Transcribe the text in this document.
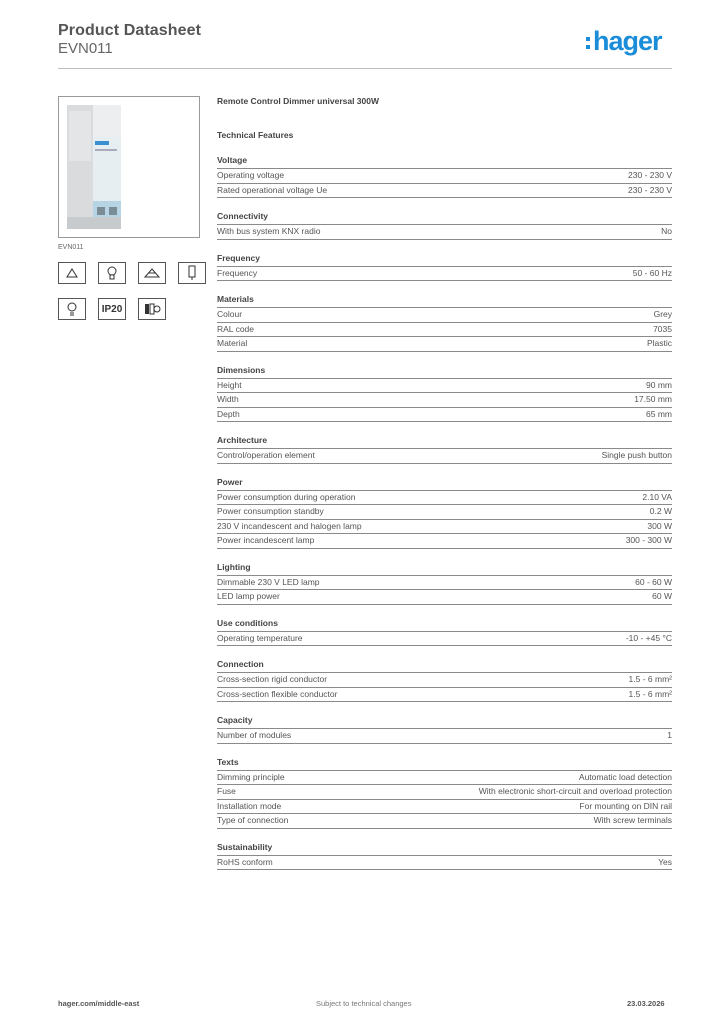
Product Datasheet
EVN011	hager
EVN011
IP20
Remote Control Dimmer universal 300W
Technical Features
Voltage
Operating voltage	230 - 230 V
Rated operational voltage Ue	230 - 230 V
Connectivity
With bus system KNX radio	No
Frequency
Frequency	50 - 60 Hz
Materials
Colour	Grey
RAL code	7035
Material	Plastic
Dimensions
Height	90 mm
Width	17.50 mm
Depth	65 mm
Architecture
Control/operation element	Single push button
Power
Power consumption during operation	2.10 VA
Power consumption standby	0.2 W
230 V incandescent and halogen lamp	300 W
Power incandescent lamp	300 - 300 W
Lighting
Dimmable 230 V LED lamp	60 - 60 W
LED lamp power	60 W
Use conditions
Operating temperature	-10 - +45 °C
Connection
Cross-section rigid conductor	1.5 - 6 mm²
Cross-section flexible conductor	1.5 - 6 mm²
Capacity
Number of modules	1
Texts
Dimming principle	Automatic load detection
Fuse	With electronic short-circuit and overload protection
Installation mode	For mounting on DIN rail
Type of connection	With screw terminals
Sustainability
RoHS conform	Yes
hager.com/middle-east	Subject to technical changes	23.03.2026
